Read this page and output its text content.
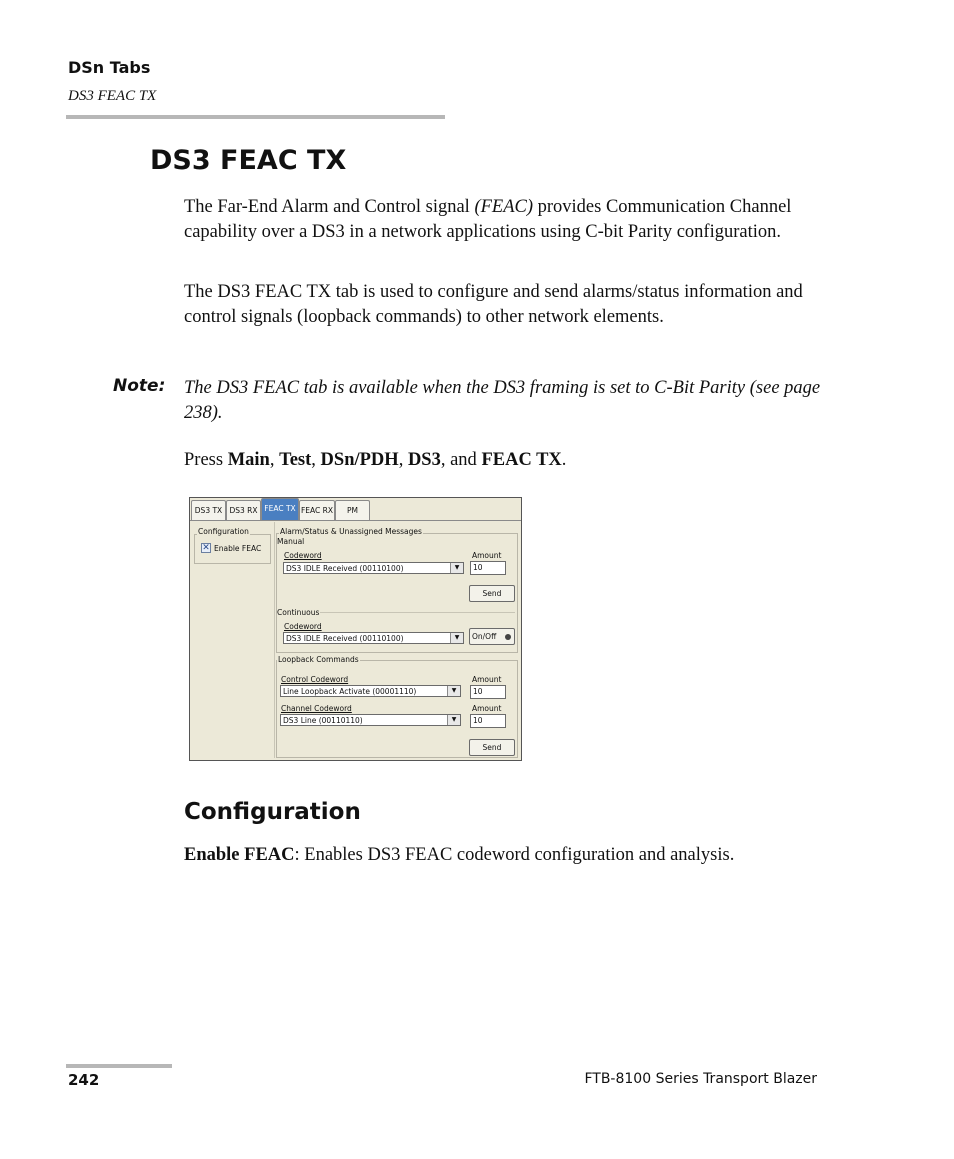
DSn Tabs
DS3 FEAC TX
DS3 FEAC TX
The Far-End Alarm and Control signal (FEAC) provides Communication Channel capability over a DS3 in a network applications using C-bit Parity configuration.
The DS3 FEAC TX tab is used to configure and send alarms/status information and control signals (loopback commands) to other network elements.
Note: The DS3 FEAC tab is available when the DS3 framing is set to C-Bit Parity (see page 238).
Press Main, Test, DSn/PDH, DS3, and FEAC TX.
DS3 TX DS3 RX FEAC TX FEAC RX	PM
Configuration
✕ Enable FEAC
Alarm/Status & Unassigned Messages
Manual
Codeword
DS3 IDLE Received (00110100)	▼
Amount
10
Send
Continuous
Codeword
DS3 IDLE Received (00110100)	▼	On/Off
Loopback Commands
Control Codeword
Line Loopback Activate (00001110)	▼
Amount
10
Channel Codeword
DS3 Line (00110110)	▼
Amount
10
Send
Configuration
Enable FEAC: Enables DS3 FEAC codeword configuration and analysis.
242	FTB-8100 Series Transport Blazer
